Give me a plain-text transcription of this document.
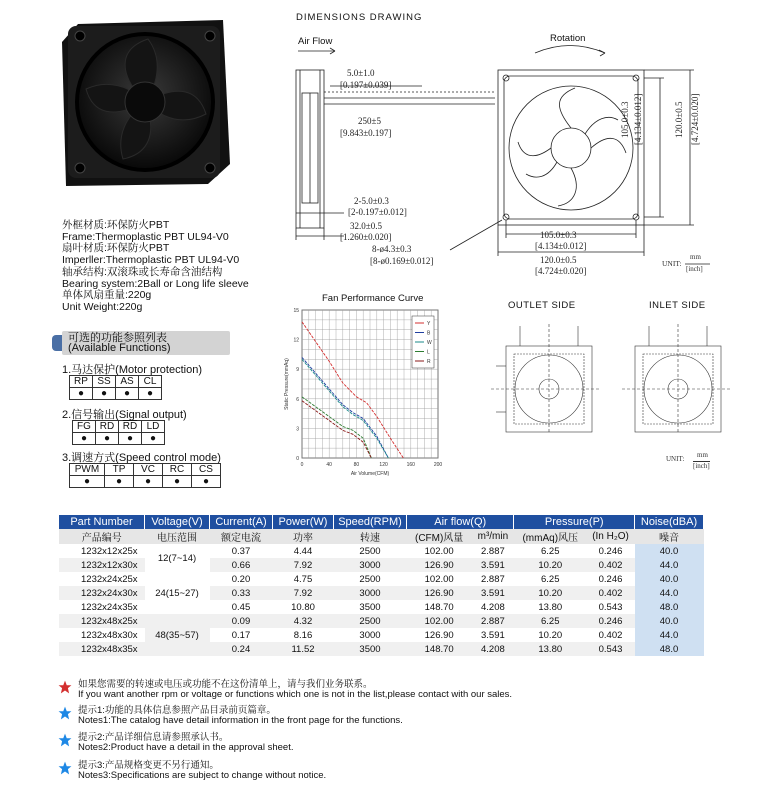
外框材质:环保防火PBT
Frame:Thermoplastic PBT UL94-V0
扇叶材质:环保防火PBT
Imperller:Thermoplastic PBT UL94-V0
轴承结构:双滚珠或长寿命含油结构
Bearing system:2Ball or Long life sleeve
单体风扇重量:220g
Unit Weight:220g
可选的功能参照列表
(Available Functions)
1.马达保护(Motor protection)
RP	SS	AS	CL
●	●	●	●
2.信号输出(Signal output)
FG	RD	$\overline{RD}$	LD
●	●	●	●
3.调速方式(Speed control mode)
PWM	TP	VC	RC	CS
●	●	●	●	●
DIMENSIONS DRAWING
Air Flow	Rotation
5.0±1.0
[0.197±0.039]
250±5
[9.843±0.197]
2-5.0±0.3
[2-0.197±0.012]
32.0±0.5
[1.260±0.020]
8-ø4.3±0.3
[8-ø0.169±0.012]
105.0±0.3
[4.134±0.012]
120.0±0.5
[4.724±0.020]
105.0±0.3 [4.134±0.012]	120.0±0.5 [4.724±0.020]
UNIT:
mm
[inch]
Fan Performance Curve
0	40	80	120	160	200
0
3
6
9
12
15
Air Volume(CFM)
Static Pressure(mmAq)
Y
B
W
L
R
OUTLET SIDE	INLET SIDE
UNIT: mm
[inch]
Part Number	Voltage(V)	Current(A)	Power(W)	Speed(RPM)	Air flow(Q)		Pressure(P)		Noise(dBA)
产品编号	电压范围	额定电流	功率	转速	(CFM)风量	m³/min	(mmAq)风压	(In H₂O)	噪音
1232x12x25x	12(7~14)	0.37	4.44	2500	102.00	2.887	6.25	0.246	40.0
1232x12x30x		0.66	7.92	3000	126.90	3.591	10.20	0.402	44.0
1232x24x25x	24(15~27)	0.20	4.75	2500	102.00	2.887	6.25	0.246	40.0
1232x24x30x		0.33	7.92	3000	126.90	3.591	10.20	0.402	44.0
1232x24x35x		0.45	10.80	3500	148.70	4.208	13.80	0.543	48.0
1232x48x25x	48(35~57)	0.09	4.32	2500	102.00	2.887	6.25	0.246	40.0
1232x48x30x		0.17	8.16	3000	126.90	3.591	10.20	0.402	44.0
1232x48x35x		0.24	11.52	3500	148.70	4.208	13.80	0.543	48.0
如果您需要的转速或电压或功能不在这份清单上，请与我们业务联系。
If you want another rpm or voltage or functions which one is not in the list,please contact with our sales.
提示1:功能的具体信息参照产品目录前页篇章。
Notes1:The catalog have detail information in the front page for the functions.
提示2:产品详细信息请参照承认书。
Notes2:Product have a detail in the approval sheet.
提示3:产品规格变更不另行通知。
Notes3:Specifications are subject to change without notice.
